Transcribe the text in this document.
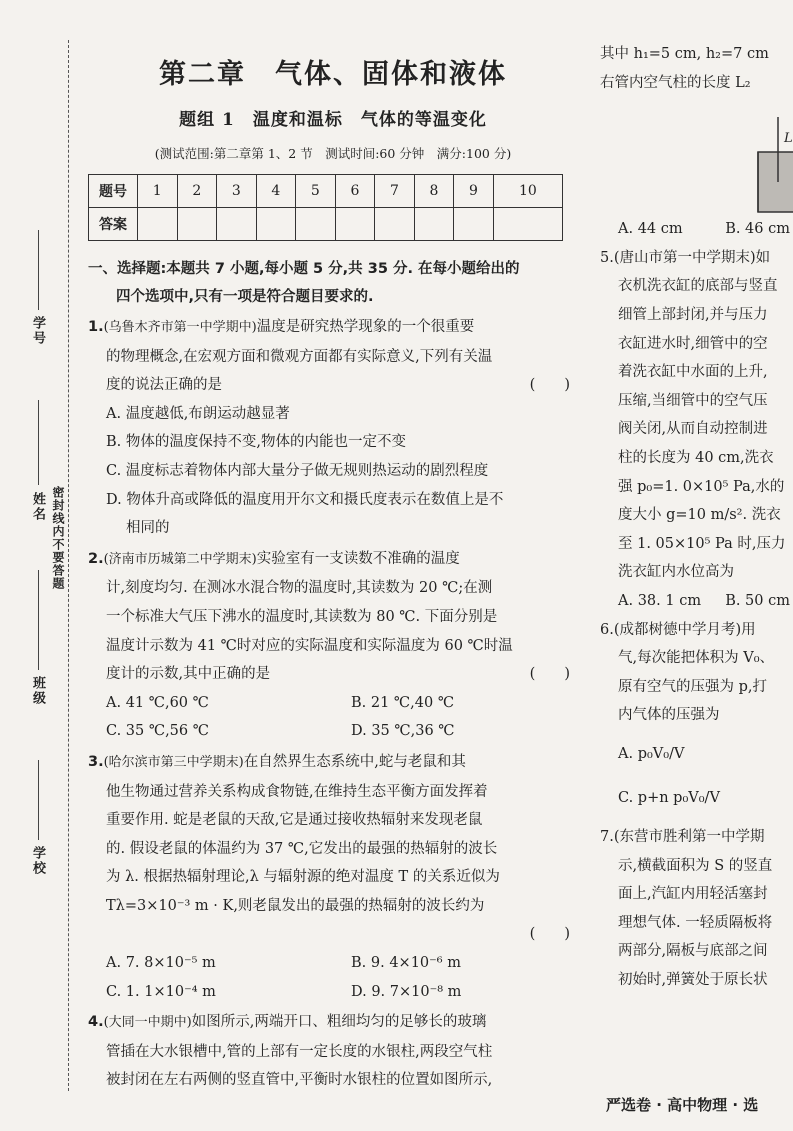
学号
姓名
班级
学校
密封线内不要答题
第二章　气体、固体和液体
题组 1　温度和温标　气体的等温变化
(测试范围:第二章第 1、2 节　测试时间:60 分钟　满分:100 分)
题号	1	2	3	4	5	6	7	8	9	10
答案										
一、选择题:本题共 7 小题,每小题 5 分,共 35 分. 在每小题给出的
四个选项中,只有一项是符合题目要求的.
1.(乌鲁木齐市第一中学期中)温度是研究热学现象的一个很重要
的物理概念,在宏观方面和微观方面都有实际意义,下列有关温
度的说法正确的是	(　　)
A. 温度越低,布朗运动越显著
B. 物体的温度保持不变,物体的内能也一定不变
C. 温度标志着物体内部大量分子做无规则热运动的剧烈程度
D. 物体升高或降低的温度用开尔文和摄氏度表示在数值上是不
相同的
2.(济南市历城第二中学期末)实验室有一支读数不准确的温度
计,刻度均匀. 在测冰水混合物的温度时,其读数为 20 ℃;在测
一个标准大气压下沸水的温度时,其读数为 80 ℃. 下面分别是
温度计示数为 41 ℃时对应的实际温度和实际温度为 60 ℃时温
度计的示数,其中正确的是	(　　)
A. 41 ℃,60 ℃	B. 21 ℃,40 ℃
C. 35 ℃,56 ℃	D. 35 ℃,36 ℃
3.(哈尔滨市第三中学期末)在自然界生态系统中,蛇与老鼠和其
他生物通过营养关系构成食物链,在维持生态平衡方面发挥着
重要作用. 蛇是老鼠的天敌,它是通过接收热辐射来发现老鼠
的. 假设老鼠的体温约为 37 ℃,它发出的最强的热辐射的波长
为 λ. 根据热辐射理论,λ 与辐射源的绝对温度 T 的关系近似为
Tλ=3×10⁻³ m · K,则老鼠发出的最强的热辐射的波长约为
(　　)
A. 7. 8×10⁻⁵ m	B. 9. 4×10⁻⁶ m
C. 1. 1×10⁻⁴ m	D. 9. 7×10⁻⁸ m
4.(大同一中期中)如图所示,两端开口、粗细均匀的足够长的玻璃
管插在大水银槽中,管的上部有一定长度的水银柱,两段空气柱
被封闭在左右两侧的竖直管中,平衡时水银柱的位置如图所示,
其中 h₁=5 cm, h₂=7 cm
右管内空气柱的长度 L₂
L
A. 44 cm	B. 46 cm
5.(唐山市第一中学期末)如
衣机洗衣缸的底部与竖直
细管上部封闭,并与压力
衣缸进水时,细管中的空
着洗衣缸中水面的上升,
压缩,当细管中的空气压
阀关闭,从而自动控制进
柱的长度为 40 cm,洗衣
强 p₀=1. 0×10⁵ Pa,水的
度大小 g=10 m/s². 洗衣
至 1. 05×10⁵ Pa 时,压力
洗衣缸内水位高为
A. 38. 1 cm	B. 50 cm
6.(成都树德中学月考)用
气,每次能把体积为 V₀、
原有空气的压强为 p,打
内气体的压强为
A. p₀V₀/V
C. p+n p₀V₀/V
7.(东营市胜利第一中学期
示,横截面积为 S 的竖直
面上,汽缸内用轻活塞封
理想气体. 一轻质隔板将
两部分,隔板与底部之间
初始时,弹簧处于原长状
严选卷 · 高中物理 · 选
